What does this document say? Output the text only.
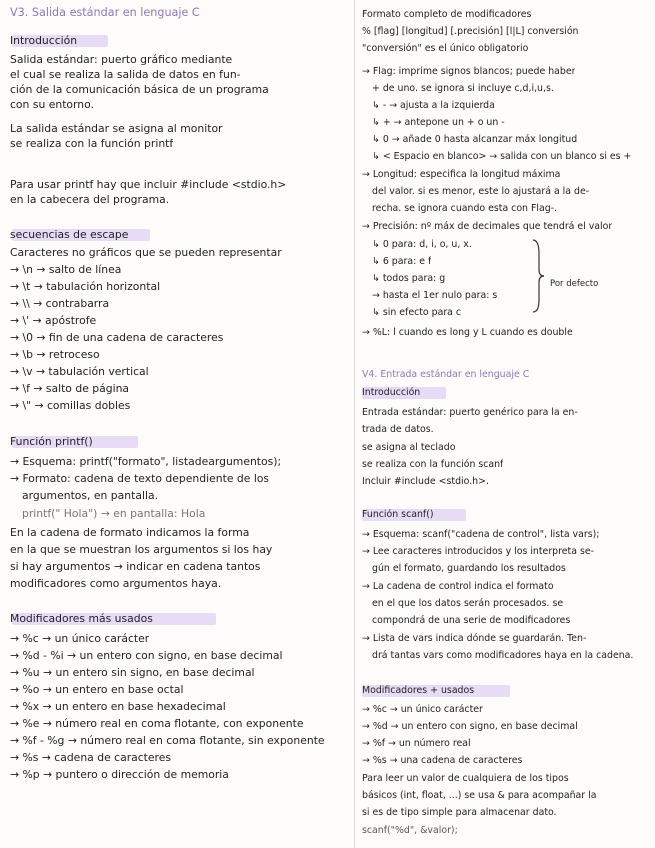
V3. Salida estándar en lenguaje C
Introducción
Salida estándar: puerto gráfico mediante
el cual se realiza la salida de datos en fun-
ción de la comunicación básica de un programa
con su entorno.
La salida estándar se asigna al monitor
se realiza con la función printf
Para usar printf hay que incluir #include <stdio.h>
en la cabecera del programa.
secuencias de escape
Caracteres no gráficos que se pueden representar
→ \n → salto de línea
→ \t → tabulación horizontal
→ \\ → contrabarra
→ \' → apóstrofe
→ \0 → fin de una cadena de caracteres
→ \b → retroceso
→ \v → tabulación vertical
→ \f → salto de página
→ \" → comillas dobles
Función printf()
→ Esquema: printf("formato", listadeargumentos);
→ Formato: cadena de texto dependiente de los
argumentos, en pantalla.
printf(" Hola") → en pantalla: Hola
En la cadena de formato indicamos la forma
en la que se muestran los argumentos si los hay
si hay argumentos → indicar en cadena tantos
modificadores como argumentos haya.
Modificadores más usados
→ %c → un único carácter
→ %d - %i → un entero con signo, en base decimal
→ %u → un entero sin signo, en base decimal
→ %o → un entero en base octal
→ %x → un entero en base hexadecimal
→ %e → número real en coma flotante, con exponente
→ %f - %g → número real en coma flotante, sin exponente
→ %s → cadena de caracteres
→ %p → puntero o dirección de memoria
Formato completo de modificadores
% [flag] [longitud] [.precisión] [l|L] conversión
"conversión" es el único obligatorio
→ Flag: imprime signos blancos; puede haber
+ de uno. se ignora si incluye c,d,i,u,s.
↳ - → ajusta a la izquierda
↳ + → antepone un + o un -
↳ 0 → añade 0 hasta alcanzar máx longitud
↳ < Espacio en blanco> → salida con un blanco si es +
→ Longitud: especifica la longitud máxima
del valor. si es menor, este lo ajustará a la de-
recha. se ignora cuando esta con Flag-.
→ Precisión: nº máx de decimales que tendrá el valor
↳ 0 para: d, i, o, u, x.
↳ 6 para: e f
↳ todos para: g
→ hasta el 1er nulo para: s
↳ sin efecto para c
→ %L: l cuando es long y L cuando es double
Por defecto
V4. Entrada estándar en lenguaje C
Introducción
Entrada estándar: puerto genérico para la en-
trada de datos.
se asigna al teclado
se realiza con la función scanf
Incluir #include <stdio.h>.
Función scanf()
→ Esquema: scanf("cadena de control", lista vars);
→ Lee caracteres introducidos y los interpreta se-
gún el formato, guardando los resultados
→ La cadena de control indica el formato
en el que los datos serán procesados. se
compondrá de una serie de modificadores
→ Lista de vars indica dónde se guardarán. Ten-
drá tantas vars como modificadores haya en la cadena.
Modificadores + usados
→ %c → un único carácter
→ %d → un entero con signo, en base decimal
→ %f → un número real
→ %s → una cadena de caracteres
Para leer un valor de cualquiera de los tipos
básicos (int, float, ...) se usa & para acompañar la
si es de tipo simple para almacenar dato.
scanf("%d", &valor);
